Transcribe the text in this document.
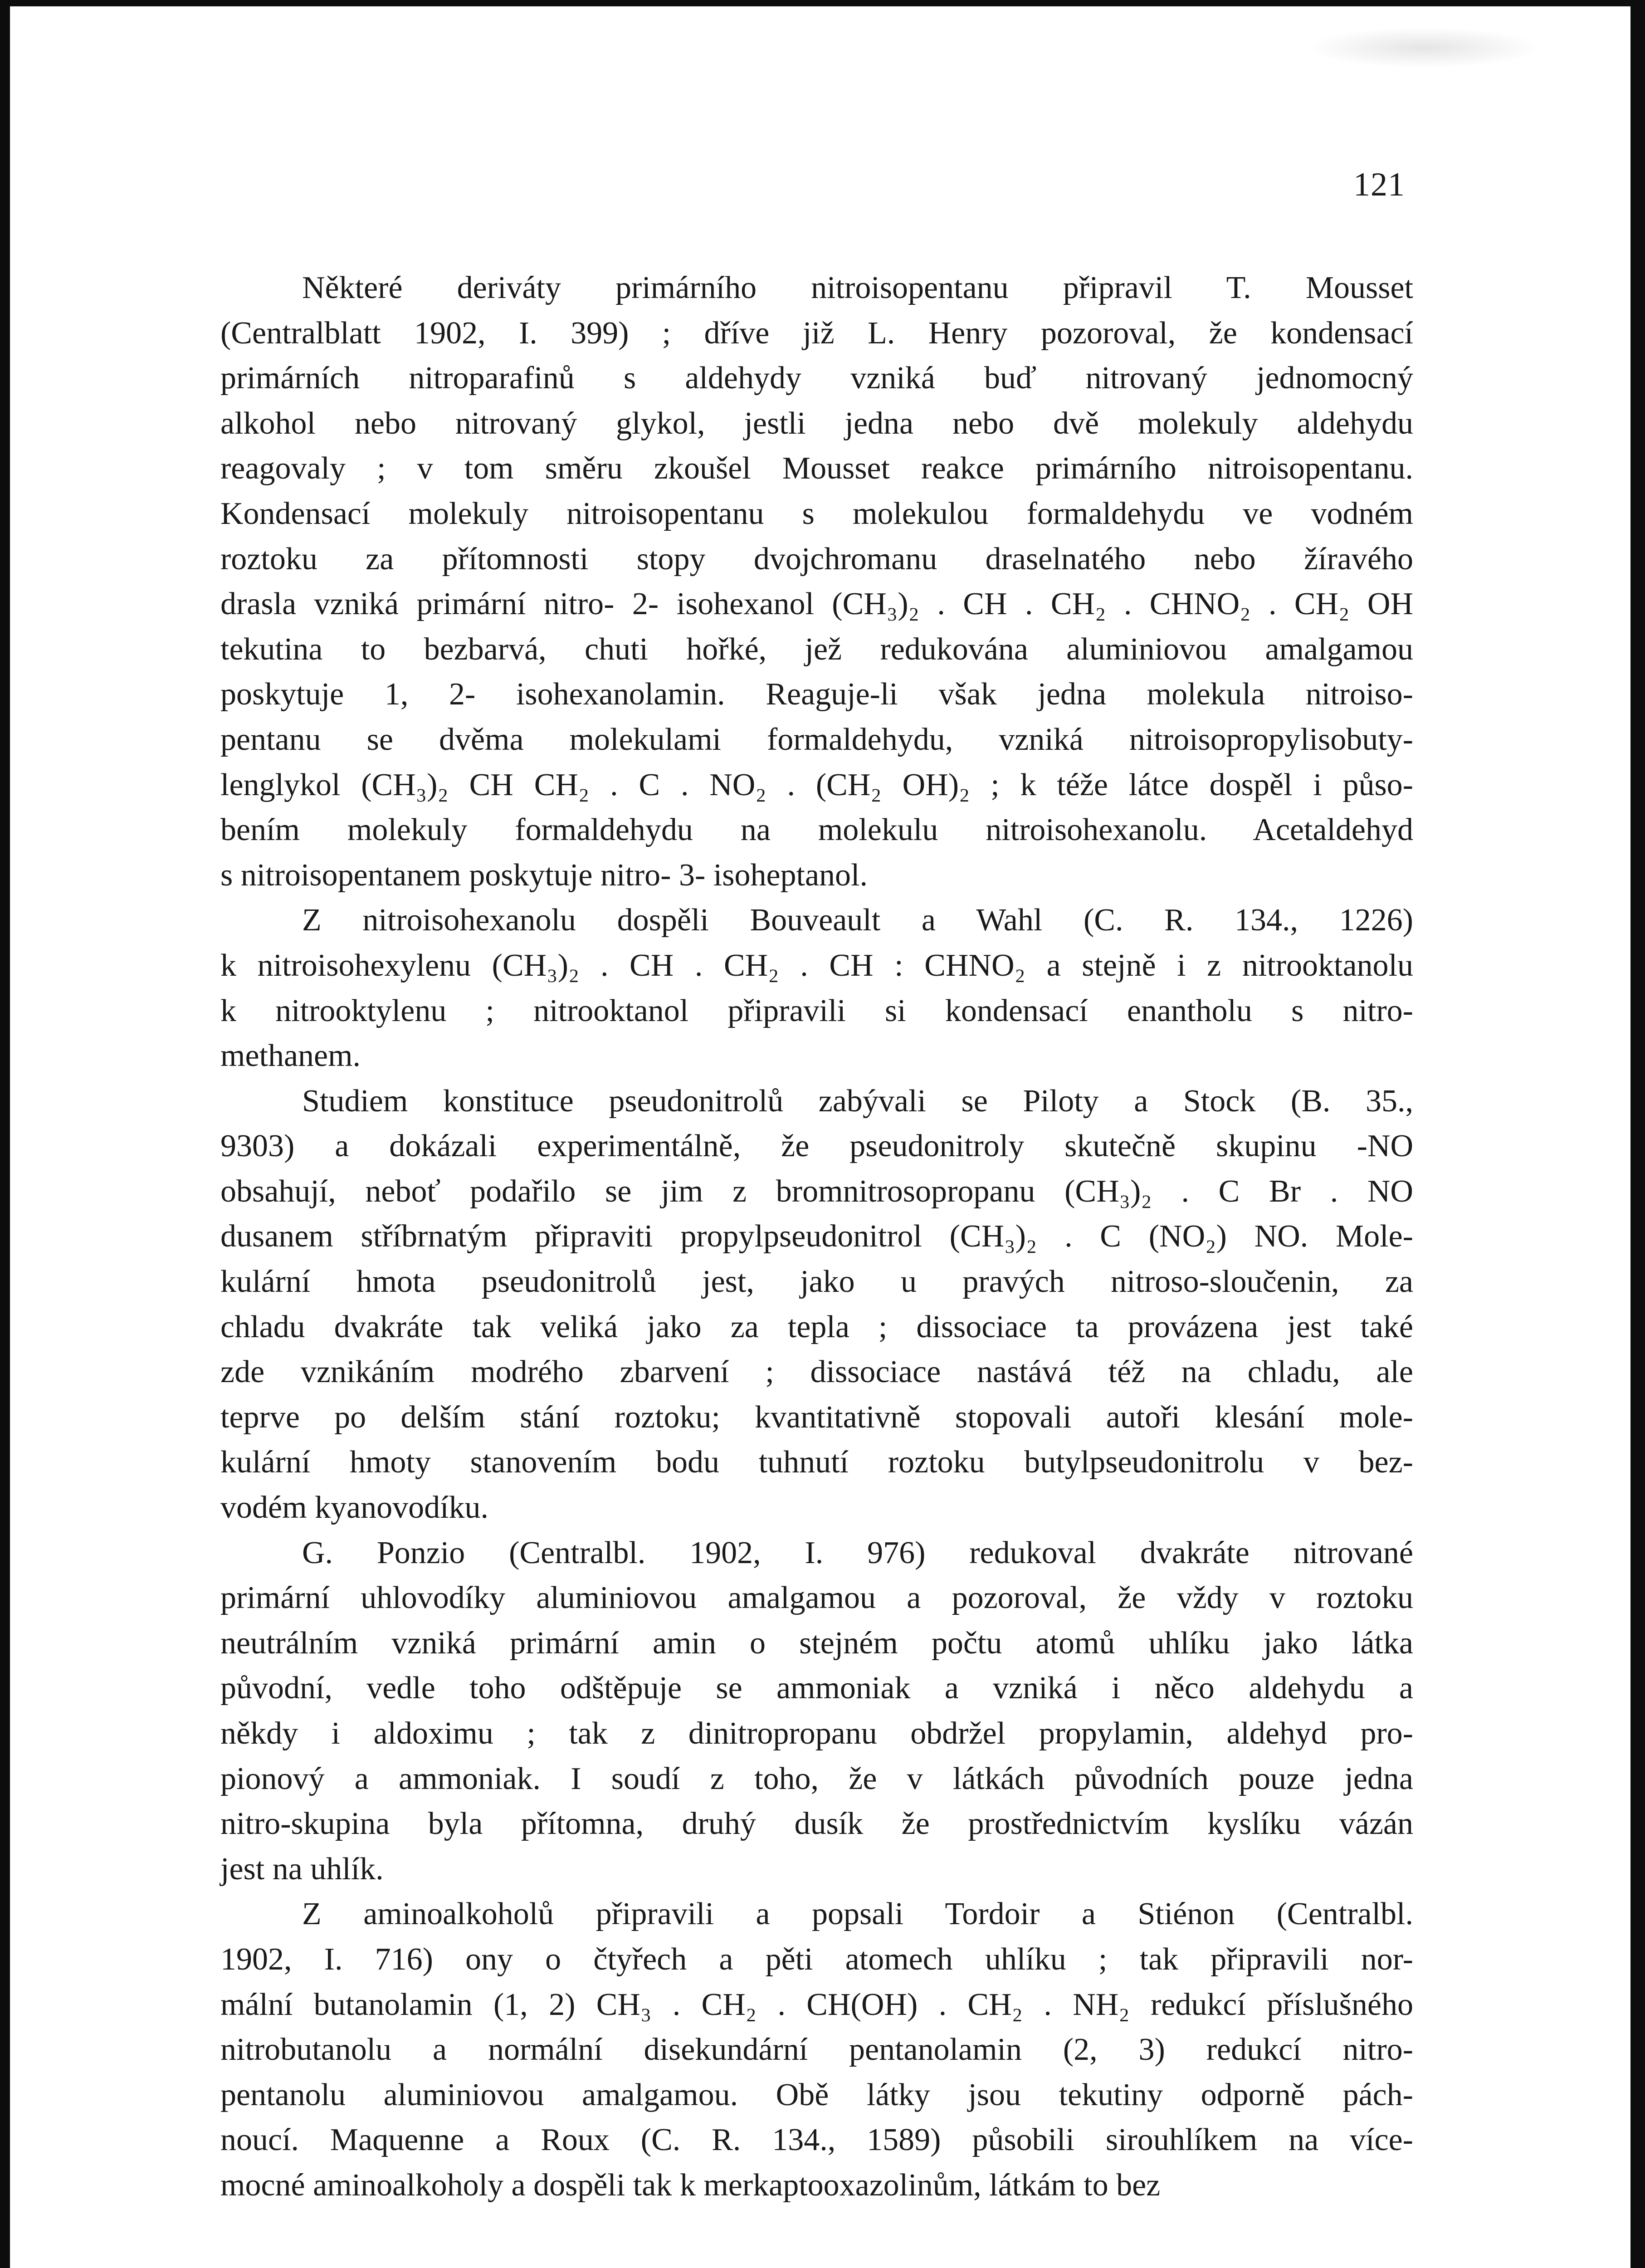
121
Některé deriváty primárního nitroisopentanu připravil T. Mousset
(Centralblatt 1902, I. 399) ; dříve již L. Henry pozoroval, že kondensací
primárních nitroparafinů s aldehydy vzniká buď nitrovaný jednomocný
alkohol nebo nitrovaný glykol, jestli jedna nebo dvě molekuly aldehydu
reagovaly ; v tom směru zkoušel Mousset reakce primárního nitroisopentanu.
Kondensací molekuly nitroisopentanu s molekulou formaldehydu ve vodném
roztoku za přítomnosti stopy dvojchromanu draselnatého nebo žíravého
drasla vzniká primární nitro- 2- isohexanol (CH₃)₂ . CH . CH₂ . CHNO₂ . CH₂ OH
tekutina to bezbarvá, chuti hořké, jež redukována aluminiovou amalgamou
poskytuje 1, 2- isohexanolamin. Reaguje-li však jedna molekula nitroiso-
pentanu se dvěma molekulami formaldehydu, vzniká nitroisopropylisobuty-
lenglykol (CH₃)₂ CH CH₂ . C . NO₂ . (CH₂ OH)₂ ; k téže látce dospěl i půso-
bením molekuly formaldehydu na molekulu nitroisohexanolu. Acetaldehyd
s nitroisopentanem poskytuje nitro- 3- isoheptanol.
Z nitroisohexanolu dospěli Bouveault a Wahl (C. R. 134., 1226)
k nitroisohexylenu (CH₃)₂ . CH . CH₂ . CH : CHNO₂ a stejně i z nitrooktanolu
k nitrooktylenu ; nitrooktanol připravili si kondensací enantholu s nitro-
methanem.
Studiem konstituce pseudonitrolů zabývali se Piloty a Stock (B. 35.,
9303) a dokázali experimentálně, že pseudonitroly skutečně skupinu -NO
obsahují, neboť podařilo se jim z bromnitrosopropanu (CH₃)₂ . C Br . NO
dusanem stříbrnatým připraviti propylpseudonitrol (CH₃)₂ . C (NO₂) NO. Mole-
kulární hmota pseudonitrolů jest, jako u pravých nitroso-sloučenin, za
chladu dvakráte tak veliká jako za tepla ; dissociace ta provázena jest také
zde vznikáním modrého zbarvení ; dissociace nastává též na chladu, ale
teprve po delším stání roztoku; kvantitativně stopovali autoři klesání mole-
kulární hmoty stanovením bodu tuhnutí roztoku butylpseudonitrolu v bez-
vodém kyanovodíku.
G. Ponzio (Centralbl. 1902, I. 976) redukoval dvakráte nitrované
primární uhlovodíky aluminiovou amalgamou a pozoroval, že vždy v roztoku
neutrálním vzniká primární amin o stejném počtu atomů uhlíku jako látka
původní, vedle toho odštěpuje se ammoniak a vzniká i něco aldehydu a
někdy i aldoximu ; tak z dinitropropanu obdržel propylamin, aldehyd pro-
pionový a ammoniak. I soudí z toho, že v látkách původních pouze jedna
nitro-skupina byla přítomna, druhý dusík že prostřednictvím kyslíku vázán
jest na uhlík.
Z aminoalkoholů připravili a popsali Tordoir a Stiénon (Centralbl.
1902, I. 716) ony o čtyřech a pěti atomech uhlíku ; tak připravili nor-
mální butanolamin (1, 2) CH₃ . CH₂ . CH(OH) . CH₂ . NH₂ redukcí příslušného
nitrobutanolu a normální disekundární pentanolamin (2, 3) redukcí nitro-
pentanolu aluminiovou amalgamou. Obě látky jsou tekutiny odporně pách-
noucí. Maquenne a Roux (C. R. 134., 1589) působili sirouhlíkem na více-
mocné aminoalkoholy a dospěli tak k merkaptooxazolinům, látkám to bez
